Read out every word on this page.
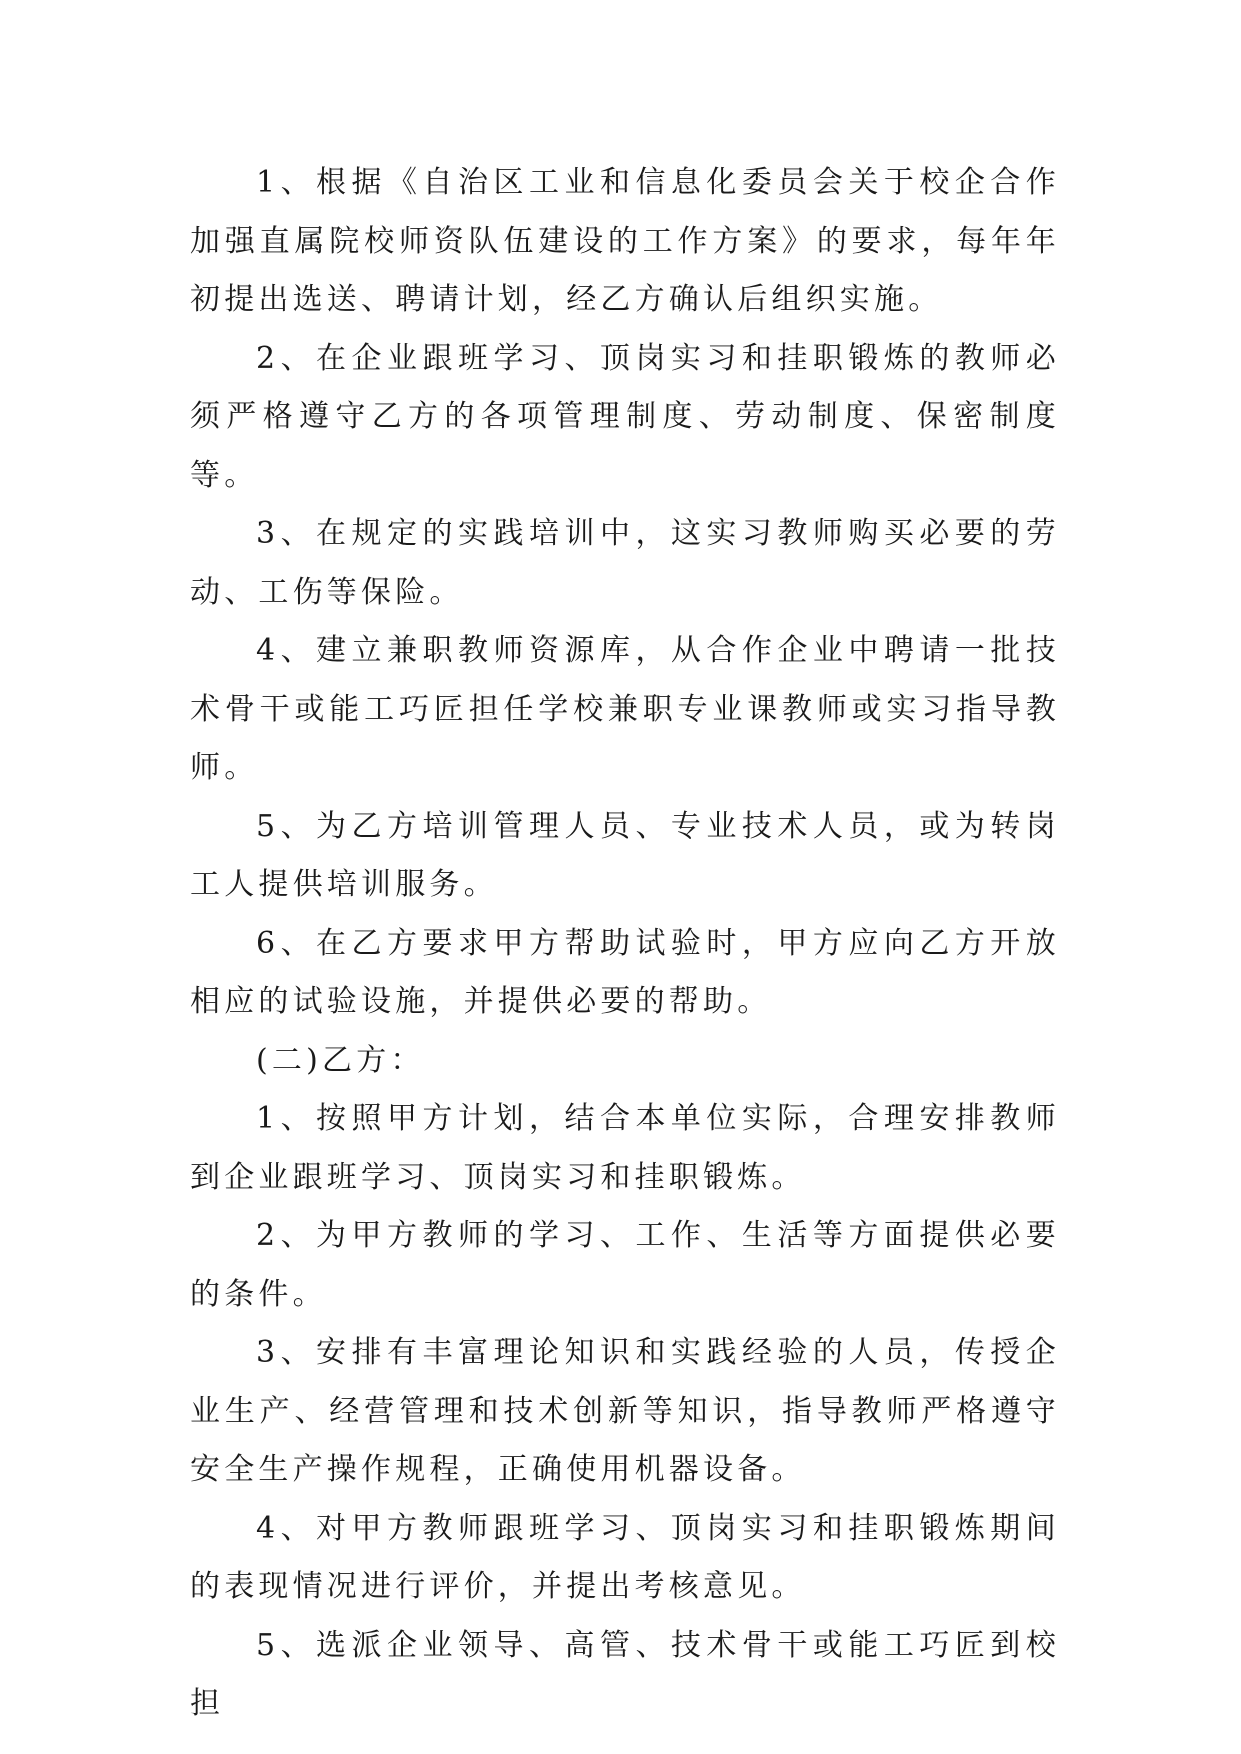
1、根据《自治区工业和信息化委员会关于校企合作加强直属院校师资队伍建设的工作方案》的要求，每年年初提出选送、聘请计划，经乙方确认后组织实施。

2、在企业跟班学习、顶岗实习和挂职锻炼的教师必须严格遵守乙方的各项管理制度、劳动制度、保密制度等。

3、在规定的实践培训中，这实习教师购买必要的劳动、工伤等保险。

4、建立兼职教师资源库，从合作企业中聘请一批技术骨干或能工巧匠担任学校兼职专业课教师或实习指导教师。

5、为乙方培训管理人员、专业技术人员，或为转岗工人提供培训服务。

6、在乙方要求甲方帮助试验时，甲方应向乙方开放相应的试验设施，并提供必要的帮助。

(二)乙方：

1、按照甲方计划，结合本单位实际，合理安排教师到企业跟班学习、顶岗实习和挂职锻炼。

2、为甲方教师的学习、工作、生活等方面提供必要的条件。

3、安排有丰富理论知识和实践经验的人员，传授企业生产、经营管理和技术创新等知识，指导教师严格遵守安全生产操作规程，正确使用机器设备。

4、对甲方教师跟班学习、顶岗实习和挂职锻炼期间的表现情况进行评价，并提出考核意见。

5、选派企业领导、高管、技术骨干或能工巧匠到校担
